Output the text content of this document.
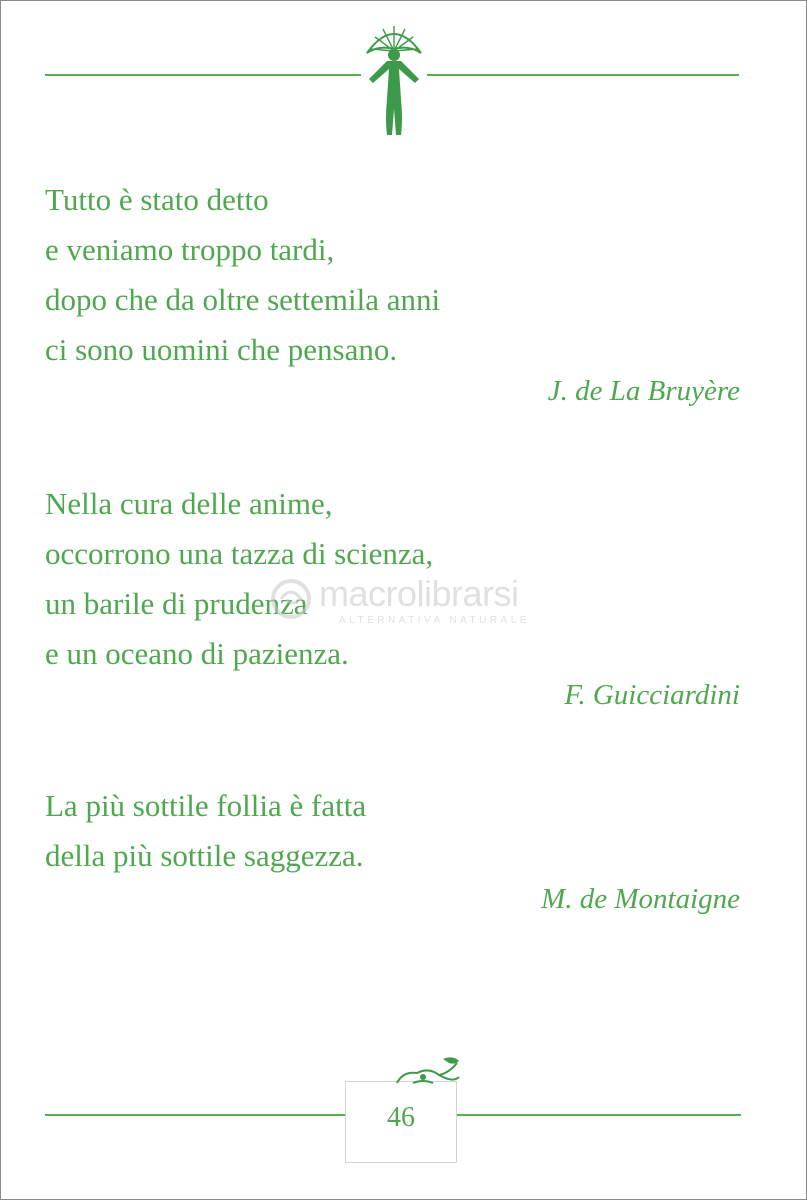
Tutto è stato detto
e veniamo troppo tardi,
dopo che da oltre settemila anni
ci sono uomini che pensano.
J. de La Bruyère
Nella cura delle anime,
occorrono una tazza di scienza,
un barile di prudenza
e un oceano di pazienza.
F. Guicciardini
La più sottile follia è fatta
della più sottile saggezza.
M. de Montaigne
macrolibrarsi
ALTERNATIVA NATURALE
46
